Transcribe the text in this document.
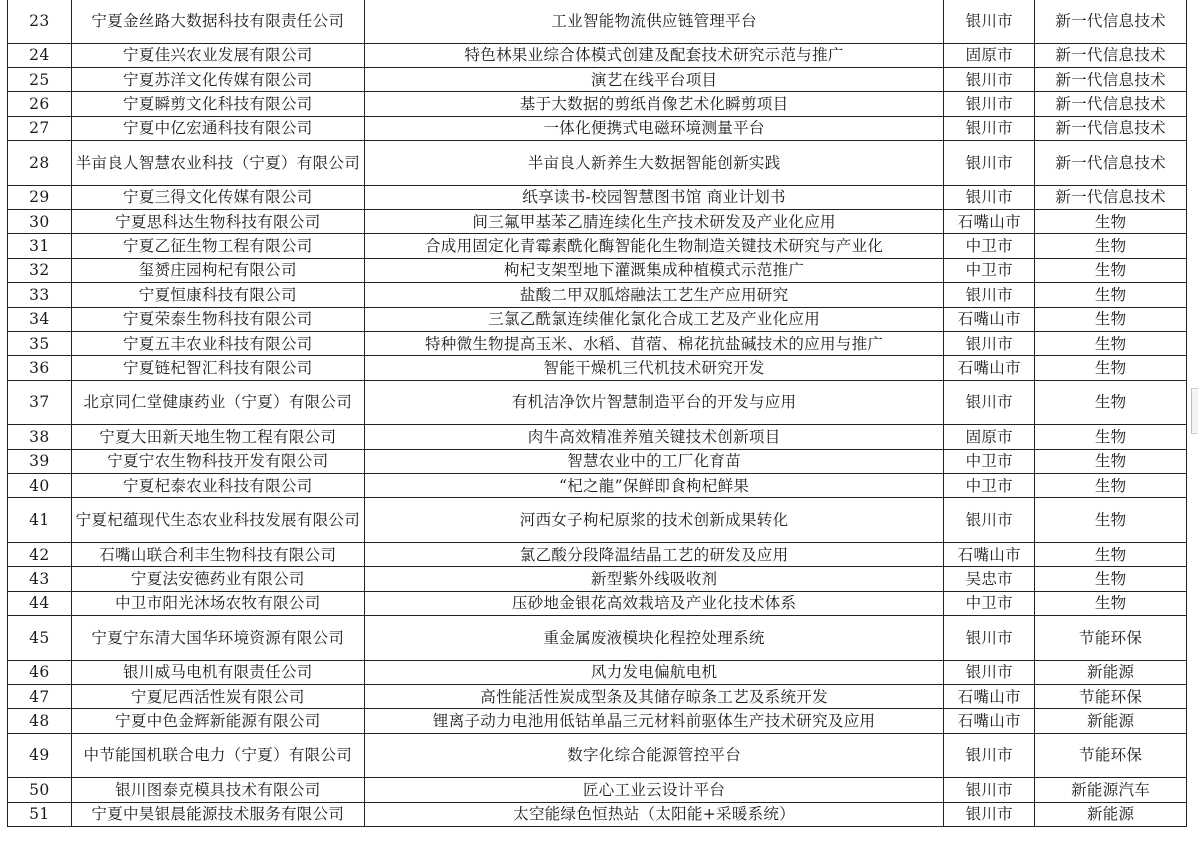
23	宁夏金丝路大数据科技有限责任公司	工业智能物流供应链管理平台	银川市	新一代信息技术
24	宁夏佳兴农业发展有限公司	特色林果业综合体模式创建及配套技术研究示范与推广	固原市	新一代信息技术
25	宁夏苏洋文化传媒有限公司	演艺在线平台项目	银川市	新一代信息技术
26	宁夏瞬剪文化科技有限公司	基于大数据的剪纸肖像艺术化瞬剪项目	银川市	新一代信息技术
27	宁夏中亿宏通科技有限公司	一体化便携式电磁环境测量平台	银川市	新一代信息技术
28	半亩良人智慧农业科技（宁夏）有限公司	半亩良人新养生大数据智能创新实践	银川市	新一代信息技术
29	宁夏三得文化传媒有限公司	纸享读书-校园智慧图书馆 商业计划书	银川市	新一代信息技术
30	宁夏思科达生物科技有限公司	间三氟甲基苯乙腈连续化生产技术研发及产业化应用	石嘴山市	生物
31	宁夏乙征生物工程有限公司	合成用固定化青霉素酰化酶智能化生物制造关键技术研究与产业化	中卫市	生物
32	玺赟庄园枸杞有限公司	枸杞支架型地下灌溉集成种植模式示范推广	中卫市	生物
33	宁夏恒康科技有限公司	盐酸二甲双胍熔融法工艺生产应用研究	银川市	生物
34	宁夏荣泰生物科技有限公司	三氯乙酰氯连续催化氯化合成工艺及产业化应用	石嘴山市	生物
35	宁夏五丰农业科技有限公司	特种微生物提高玉米、水稻、苜蓿、棉花抗盐碱技术的应用与推广	银川市	生物
36	宁夏链杞智汇科技有限公司	智能干燥机三代机技术研究开发	石嘴山市	生物
37	北京同仁堂健康药业（宁夏）有限公司	有机洁净饮片智慧制造平台的开发与应用	银川市	生物
38	宁夏大田新天地生物工程有限公司	肉牛高效精准养殖关键技术创新项目	固原市	生物
39	宁夏宁农生物科技开发有限公司	智慧农业中的工厂化育苗	中卫市	生物
40	宁夏杞泰农业科技有限公司	“杞之龍”保鲜即食枸杞鲜果	中卫市	生物
41	宁夏杞蕴现代生态农业科技发展有限公司	河西女子枸杞原浆的技术创新成果转化	银川市	生物
42	石嘴山联合利丰生物科技有限公司	氯乙酸分段降温结晶工艺的研发及应用	石嘴山市	生物
43	宁夏法安德药业有限公司	新型紫外线吸收剂	吴忠市	生物
44	中卫市阳光沐场农牧有限公司	压砂地金银花高效栽培及产业化技术体系	中卫市	生物
45	宁夏宁东清大国华环境资源有限公司	重金属废液模块化程控处理系统	银川市	节能环保
46	银川威马电机有限责任公司	风力发电偏航电机	银川市	新能源
47	宁夏尼西活性炭有限公司	高性能活性炭成型条及其储存晾条工艺及系统开发	石嘴山市	节能环保
48	宁夏中色金辉新能源有限公司	锂离子动力电池用低钴单晶三元材料前驱体生产技术研究及应用	石嘴山市	新能源
49	中节能国机联合电力（宁夏）有限公司	数字化综合能源管控平台	银川市	节能环保
50	银川图泰克模具技术有限公司	匠心工业云设计平台	银川市	新能源汽车
51	宁夏中昊银晨能源技术服务有限公司	太空能绿色恒热站（太阳能+采暖系统）	银川市	新能源
